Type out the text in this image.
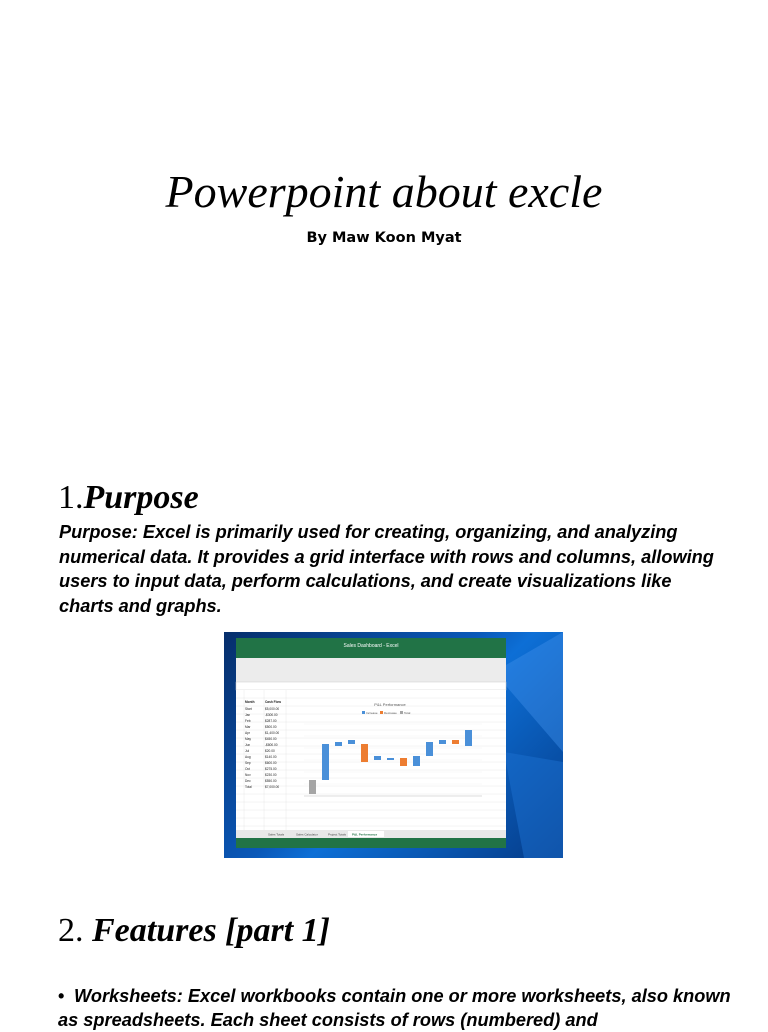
Powerpoint about excle
By Maw Koon Myat
1.Purpose
Purpose: Excel is primarily used for creating, organizing, and analyzing numerical data. It provides a grid interface with rows and columns, allowing users to input data, perform calculations, and create visualizations like charts and graphs.
Sales Dashboard - Excel
Month	Cash Flow
Start	$5,000.00
Jan	-$300.00
Feb	$287.00
Mar	$500.00
Apr	$1,400.00
May	$450.00
Jun	-$800.00
Jul	$20.00
Aug	$140.00
Sep	$600.00
Oct	$275.00
Nov	$230.00
Dec	$550.00
Total	$7,000.00
P&L Performance
Increase Decrease Total
Sales Totals	Sales Calculator	Project Totals P&L Performance
2. Features [part 1]
• Worksheets: Excel workbooks contain one or more worksheets, also known as spreadsheets. Each sheet consists of rows (numbered) and
